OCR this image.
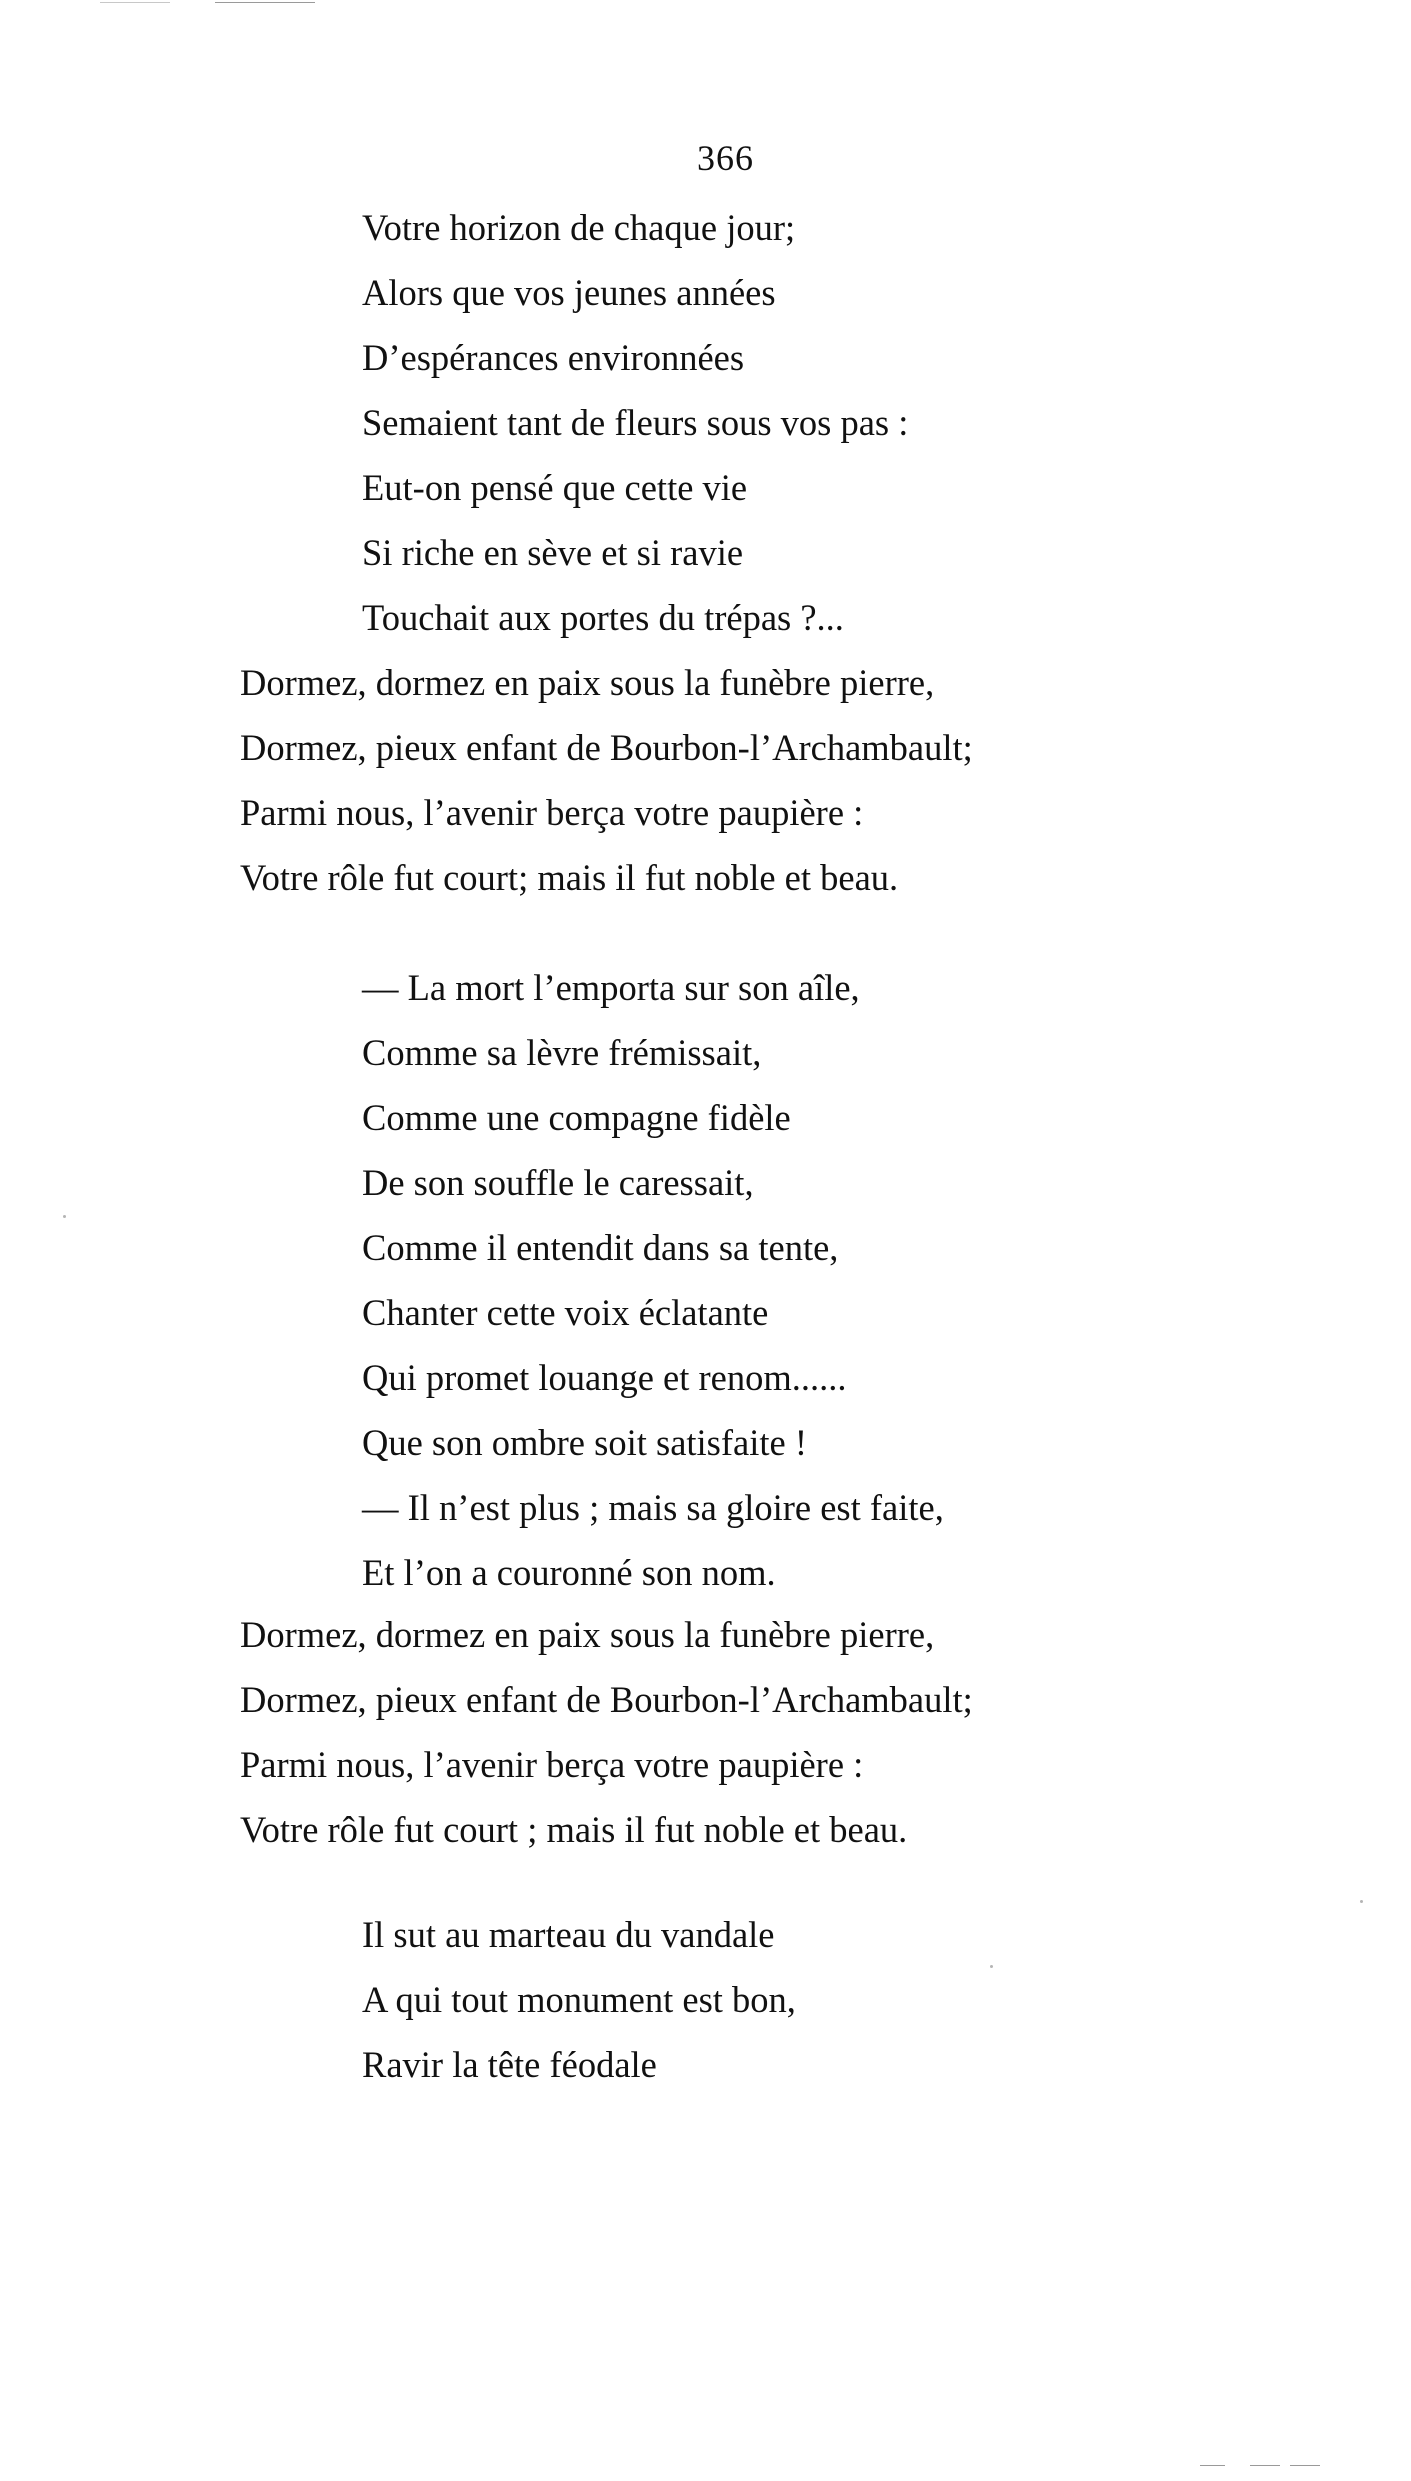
366
Votre horizon de chaque jour;
Alors que vos jeunes années
D’espérances environnées
Semaient tant de fleurs sous vos pas :
Eut-on pensé que cette vie
Si riche en sève et si ravie
Touchait aux portes du trépas ?...
Dormez, dormez en paix sous la funèbre pierre,
Dormez, pieux enfant de Bourbon-l’Archambault;
Parmi nous, l’avenir berça votre paupière :
Votre rôle fut court; mais il fut noble et beau.
— La mort l’emporta sur son aîle,
Comme sa lèvre frémissait,
Comme une compagne fidèle
De son souffle le caressait,
Comme il entendit dans sa tente,
Chanter cette voix éclatante
Qui promet louange et renom......
Que son ombre soit satisfaite !
— Il n’est plus ; mais sa gloire est faite,
Et l’on a couronné son nom.
Dormez, dormez en paix sous la funèbre pierre,
Dormez, pieux enfant de Bourbon-l’Archambault;
Parmi nous, l’avenir berça votre paupière :
Votre rôle fut court ; mais il fut noble et beau.
Il sut au marteau du vandale
A qui tout monument est bon,
Ravir la tête féodale
